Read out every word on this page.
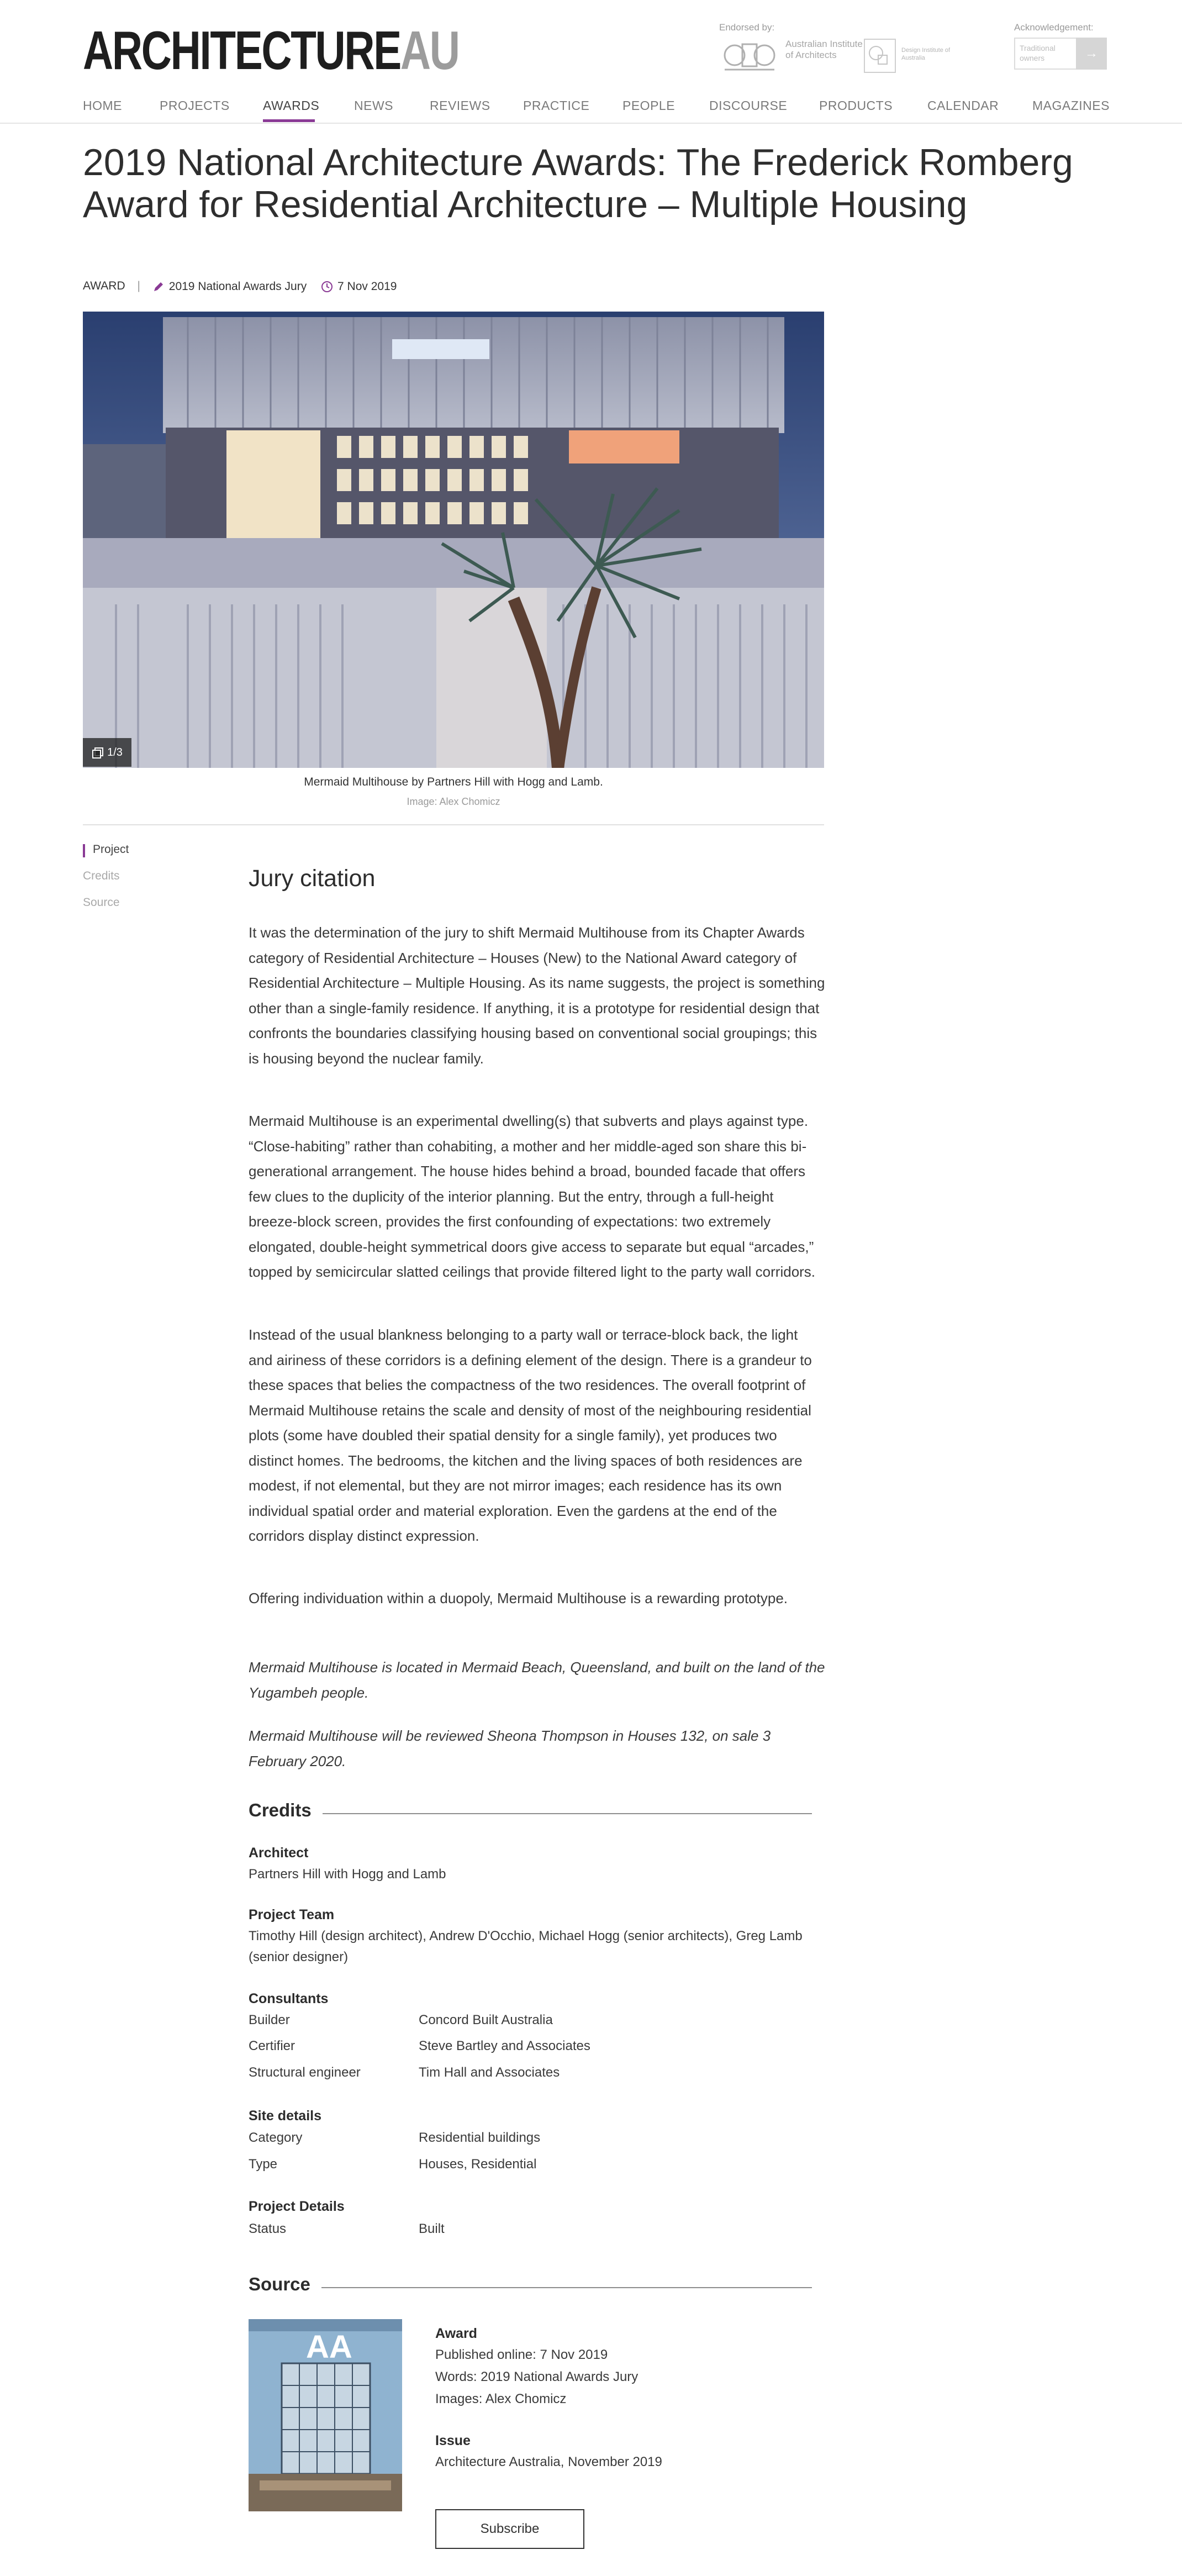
ARCHITECTUREAU	Endorsed by:
Australian Institute of Architects	Design Institute of Australia
Acknowledgement:
Traditional owners	→
HOME	PROJECTS	AWARDS	NEWS	REVIEWS	PRACTICE	PEOPLE	DISCOURSE	PRODUCTS	CALENDAR	MAGAZINES
2019 National Architecture Awards: The Frederick Romberg Award for Residential Architecture – Multiple Housing
AWARD | 2019 National Awards Jury	7 Nov 2019
1/3
Mermaid Multihouse by Partners Hill with Hogg and Lamb.
Image: Alex Chomicz
Project
Credits
Source
Jury citation

It was the determination of the jury to shift Mermaid Multihouse from its Chapter Awards category of Residential Architecture – Houses (New) to the National Award category of Residential Architecture – Multiple Housing. As its name suggests, the project is something other than a single-family residence. If anything, it is a prototype for residential design that confronts the boundaries classifying housing based on conventional social groupings; this is housing beyond the nuclear family.

Mermaid Multihouse is an experimental dwelling(s) that subverts and plays against type. “Close-habiting” rather than cohabiting, a mother and her middle-aged son share this bi-generational arrangement. The house hides behind a broad, bounded facade that offers few clues to the duplicity of the interior planning. But the entry, through a full-height breeze-block screen, provides the first confounding of expectations: two extremely elongated, double-height symmetrical doors give access to separate but equal “arcades,” topped by semicircular slatted ceilings that provide filtered light to the party wall corridors.

Instead of the usual blankness belonging to a party wall or terrace-block back, the light and airiness of these corridors is a defining element of the design. There is a grandeur to these spaces that belies the compactness of the two residences. The overall footprint of Mermaid Multihouse retains the scale and density of most of the neighbouring residential plots (some have doubled their spatial density for a single family), yet produces two distinct homes. The bedrooms, the kitchen and the living spaces of both residences are modest, if not elemental, but they are not mirror images; each residence has its own individual spatial order and material exploration. Even the gardens at the end of the corridors display distinct expression.

Offering individuation within a duopoly, Mermaid Multihouse is a rewarding prototype.

Mermaid Multihouse is located in Mermaid Beach, Queensland, and built on the land of the Yugambeh people.

Mermaid Multihouse will be reviewed Sheona Thompson in Houses 132, on sale 3 February 2020.

Credits
Architect
Partners Hill with Hogg and Lamb
Project Team
Timothy Hill (design architect), Andrew D'Occhio, Michael Hogg (senior architects), Greg Lamb (senior designer)
Consultants
Builder	Concord Built Australia
Certifier	Steve Bartley and Associates
Structural engineer	Tim Hall and Associates
Site details
Category	Residential buildings
Type	Houses, Residential
Project Details
Status	Built
Source
AA	Award
Published online: 7 Nov 2019
Words: 2019 National Awards Jury
Images: Alex Chomicz
Issue
Architecture Australia, November 2019
Subscribe
